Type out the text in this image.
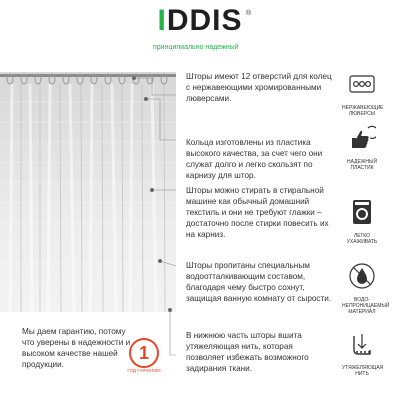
IDDIS ®
принципиально надежный
Шторы имеют 12 отверстий для колец с нержавеющими хромированными люверсами.
Кольца изготовлены из пластика высокого качества, за счет чего они служат долго и легко скользят по карнизу для штор.
Шторы можно стирать в стиральной машине как обычный домашний текстиль и они не требуют глажки – достаточно после стирки повесить их на карниз.
Шторы пропитаны специальным водоотталкивающим составом, благодаря чему быстро сохнут, защищая ванную комнату от сырости.
В нижнюю часть шторы вшита утяжеляющая нить, которая позволяет избежать возможного задирания ткани.
НЕРЖАВЕЮЩИЕ ЛЮВЕРСЫ
НАДЕЖНЫЙ ПЛАСТИК
ЛЕГКО УХАЖИВАТЬ
ВОДО-НЕПРОНИЦАЕМЫЙ МАТЕРИАЛ
УТЯЖЕЛЯЮЩАЯ НИТЬ
Мы даем гарантию, потому что уверены в надежности и высоком качестве нашей продукции.
1
ГОД ГАРАНТИИ
